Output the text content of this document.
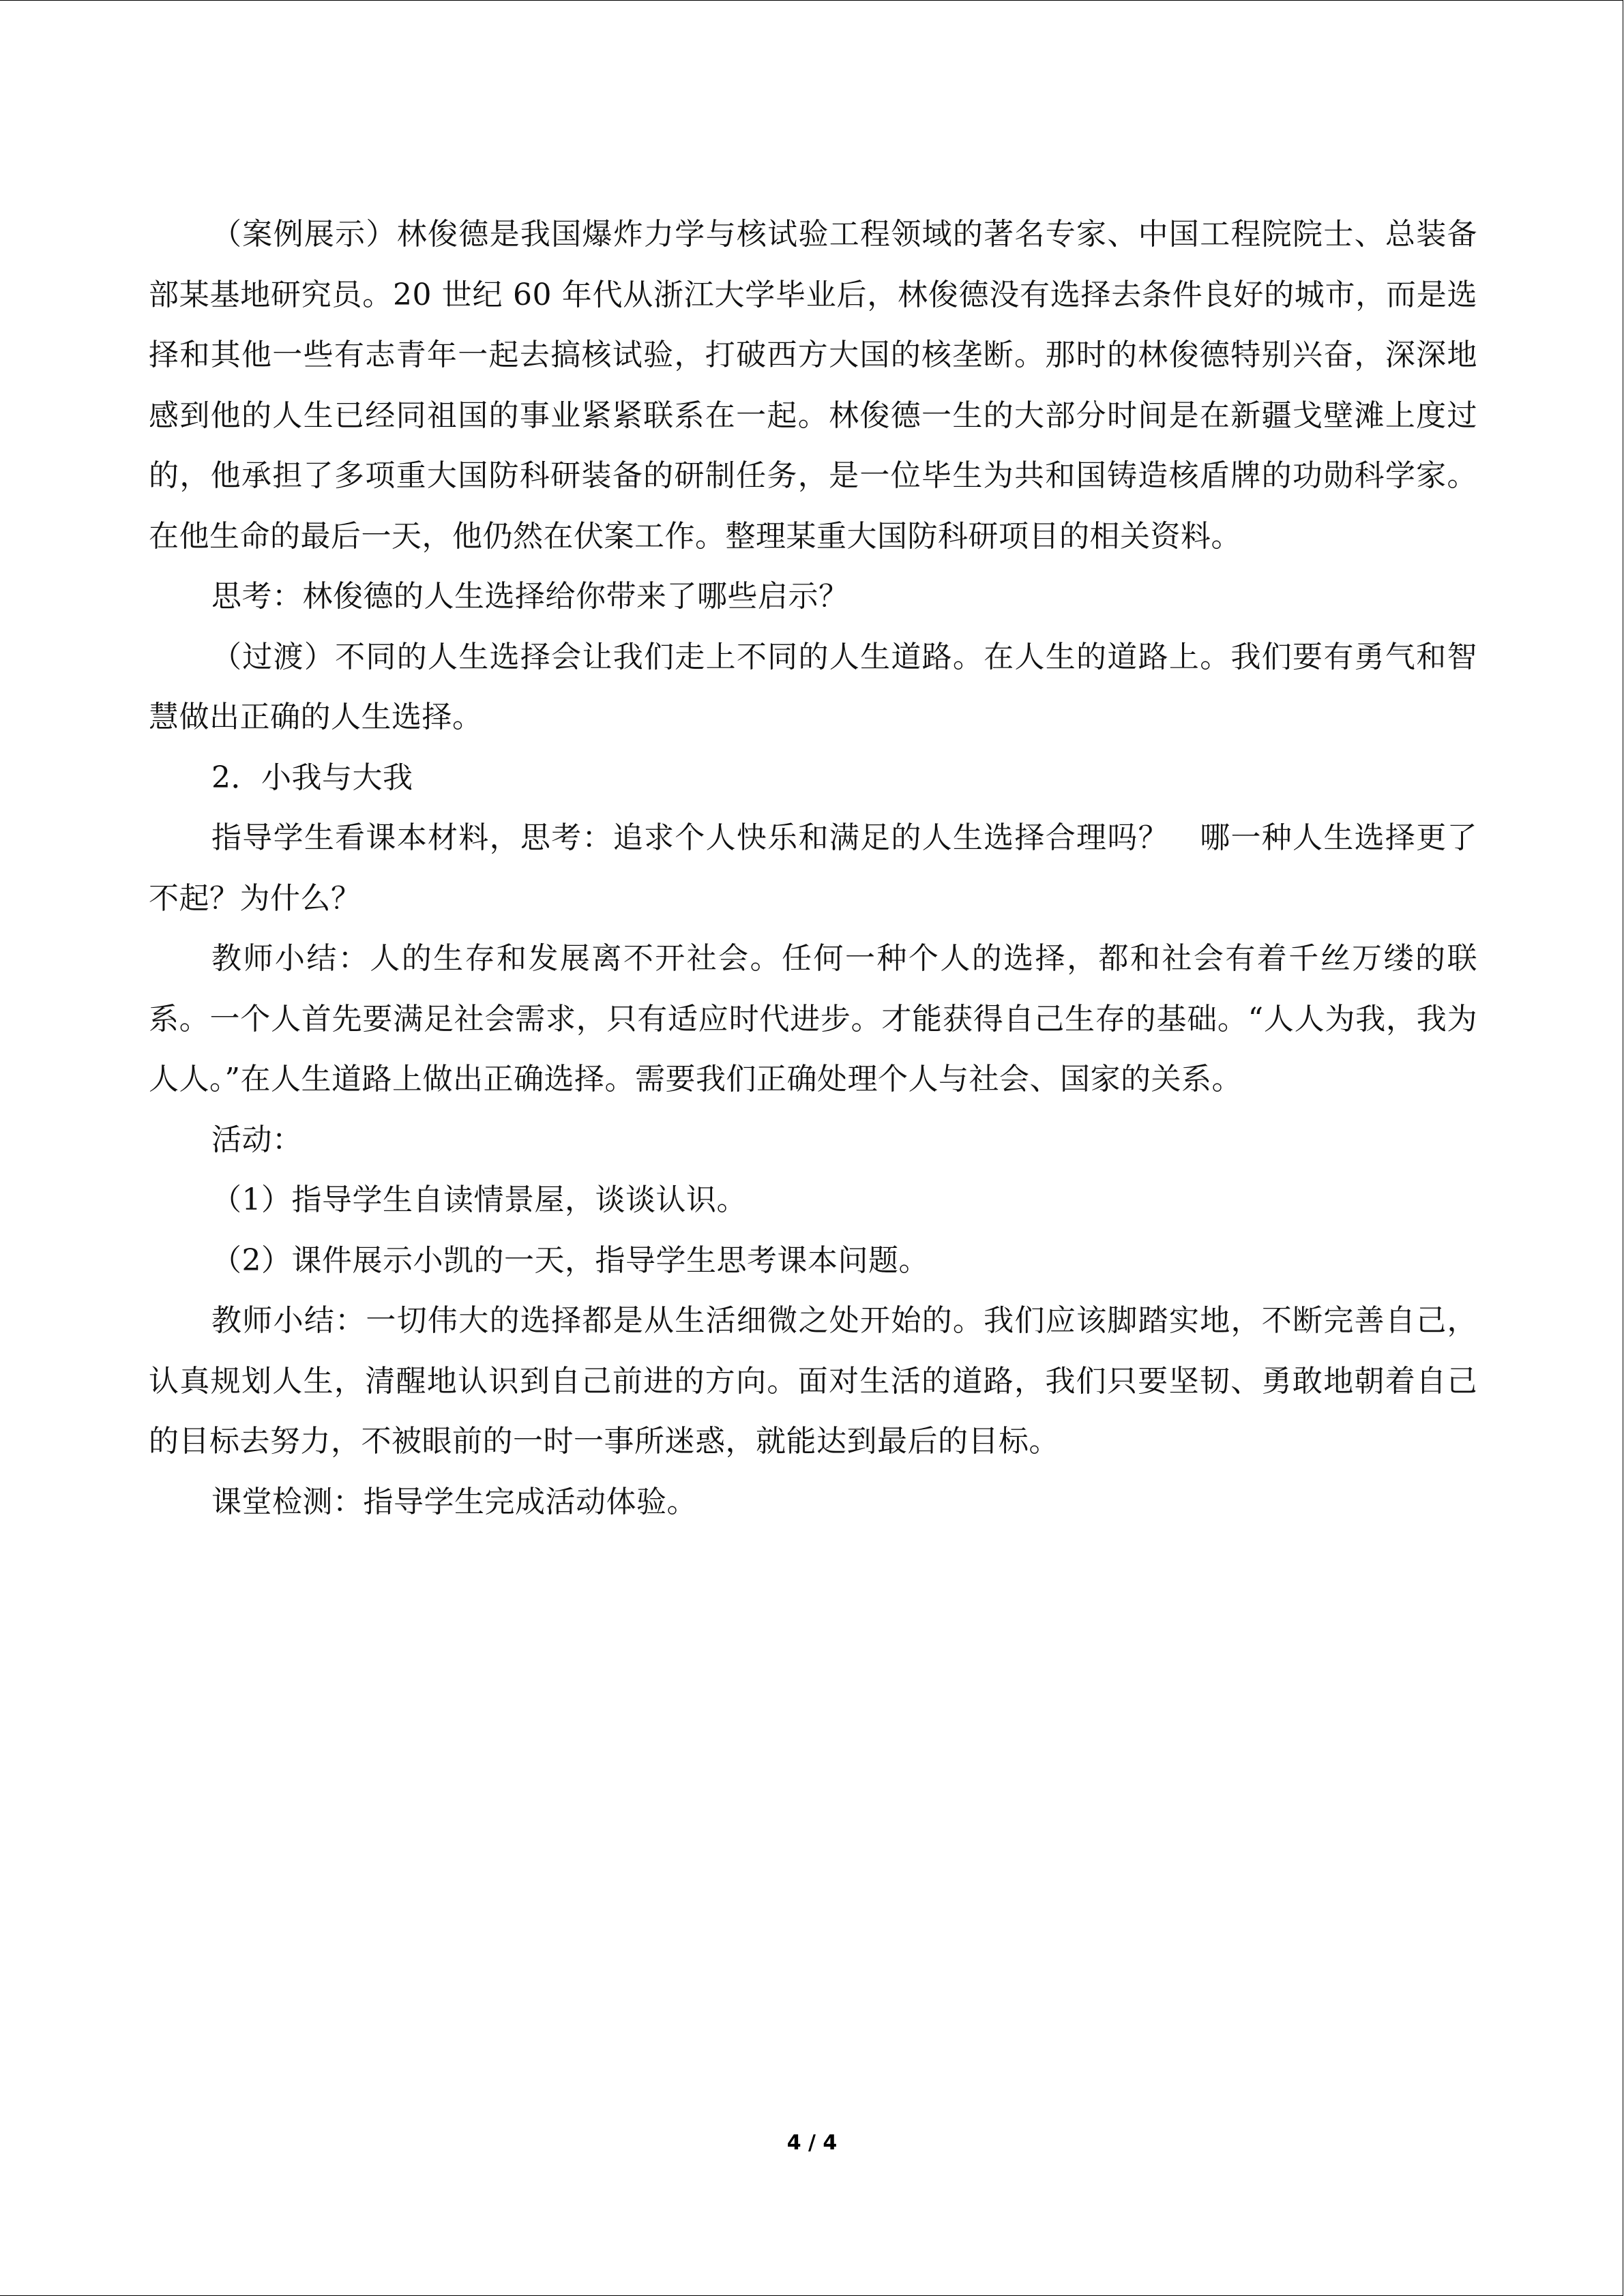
（案例展示）林俊德是我国爆炸力学与核试验工程领域的著名专家、中国工程院院士、总装备部某基地研究员。20 世纪 60 年代从浙江大学毕业后，林俊德没有选择去条件良好的城市，而是选择和其他一些有志青年一起去搞核试验，打破西方大国的核垄断。那时的林俊德特别兴奋，深深地感到他的人生已经同祖国的事业紧紧联系在一起。林俊德一生的大部分时间是在新疆戈壁滩上度过的，他承担了多项重大国防科研装备的研制任务，是一位毕生为共和国铸造核盾牌的功勋科学家。在他生命的最后一天，他仍然在伏案工作。整理某重大国防科研项目的相关资料。

思考：林俊德的人生选择给你带来了哪些启示？

（过渡）不同的人生选择会让我们走上不同的人生道路。在人生的道路上。我们要有勇气和智慧做出正确的人生选择。

2．小我与大我

指导学生看课本材料，思考：追求个人快乐和满足的人生选择合理吗？　哪一种人生选择更了不起？为什么？

教师小结：人的生存和发展离不开社会。任何一种个人的选择，都和社会有着千丝万缕的联系。一个人首先要满足社会需求，只有适应时代进步。才能获得自己生存的基础。“人人为我，我为人人。”在人生道路上做出正确选择。需要我们正确处理个人与社会、国家的关系。

活动：

（1）指导学生自读情景屋，谈谈认识。

（2）课件展示小凯的一天，指导学生思考课本问题。

教师小结：一切伟大的选择都是从生活细微之处开始的。我们应该脚踏实地，不断完善自己，认真规划人生，清醒地认识到自己前进的方向。面对生活的道路，我们只要坚韧、勇敢地朝着自己的目标去努力，不被眼前的一时一事所迷惑，就能达到最后的目标。

课堂检测：指导学生完成活动体验。

4 / 4
